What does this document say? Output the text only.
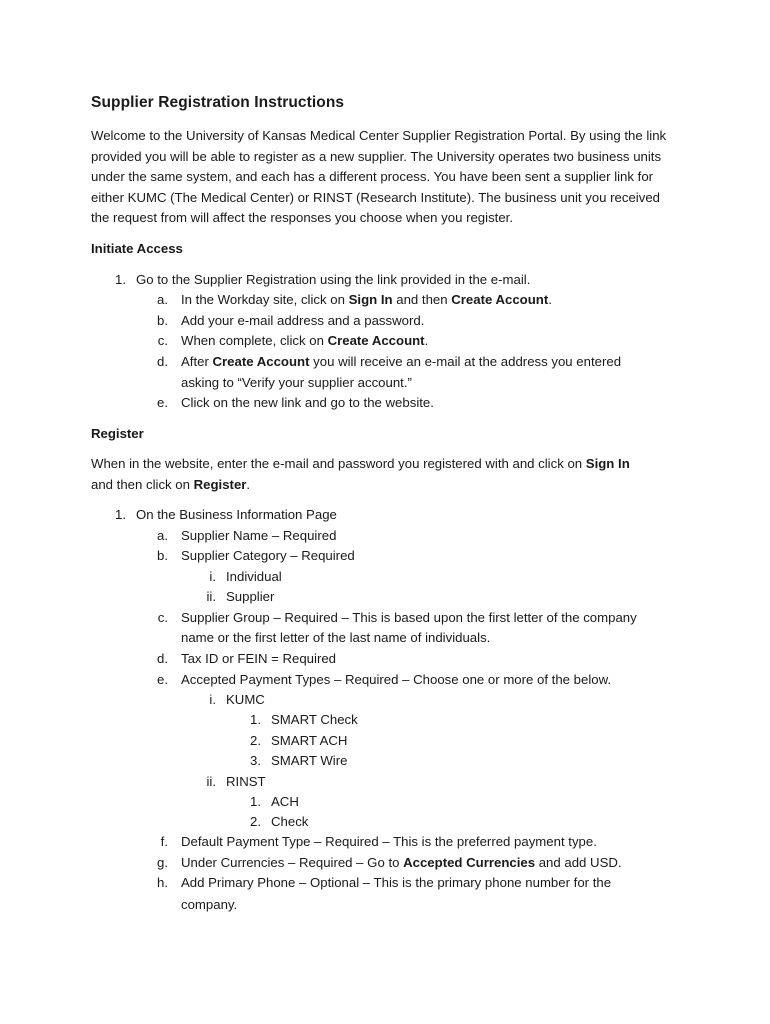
Supplier Registration Instructions
Welcome to the University of Kansas Medical Center Supplier Registration Portal. By using the link provided you will be able to register as a new supplier. The University operates two business units under the same system, and each has a different process. You have been sent a supplier link for either KUMC (The Medical Center) or RINST (Research Institute). The business unit you received the request from will affect the responses you choose when you register.
Initiate Access
1. Go to the Supplier Registration using the link provided in the e-mail.
a. In the Workday site, click on Sign In and then Create Account.
b. Add your e-mail address and a password.
c. When complete, click on Create Account.
d. After Create Account you will receive an e-mail at the address you entered
asking to “Verify your supplier account.”
e. Click on the new link and go to the website.
Register
When in the website, enter the e-mail and password you registered with and click on Sign In
and then click on Register.
1. On the Business Information Page
a. Supplier Name – Required
b. Supplier Category – Required
i. Individual
ii. Supplier
c. Supplier Group – Required – This is based upon the first letter of the company
name or the first letter of the last name of individuals.
d. Tax ID or FEIN = Required
e. Accepted Payment Types – Required – Choose one or more of the below.
i. KUMC
1. SMART Check
2. SMART ACH
3. SMART Wire
ii. RINST
1. ACH
2. Check
f. Default Payment Type – Required – This is the preferred payment type.
g. Under Currencies – Required – Go to Accepted Currencies and add USD.
h. Add Primary Phone – Optional – This is the primary phone number for the
company.
